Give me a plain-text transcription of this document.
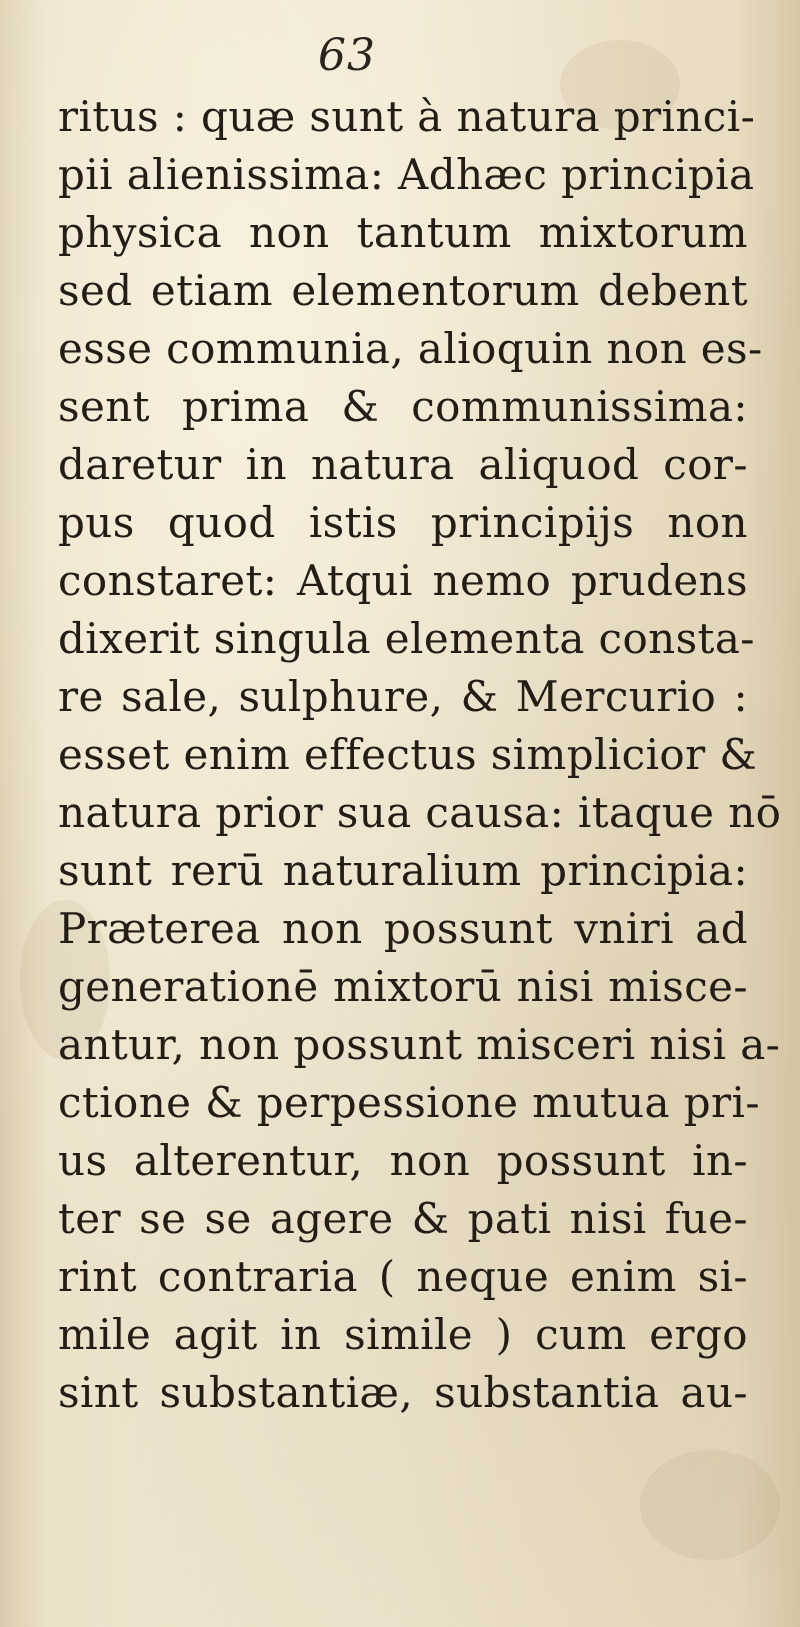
63
ritus : quæ sunt à natura princi-
pii alienissima: Adhæc principia
physica non tantum mixtorum
sed etiam elementorum debent
esse communia, alioquin non es-
sent prima & communissima:
daretur in natura aliquod cor-
pus quod istis principijs non
constaret: Atqui nemo prudens
dixerit singula elementa consta-
re sale, sulphure, & Mercurio :
esset enim effectus simplicior &
natura prior sua causa: itaque nō
sunt rerū naturalium principia:
Præterea non possunt vniri ad
generationē mixtorū nisi misce-
antur, non possunt misceri nisi a-
ctione & perpessione mutua pri-
us alterentur, non possunt in-
ter se se agere & pati nisi fue-
rint contraria ( neque enim si-
mile agit in simile ) cum ergo
sint substantiæ, substantia au-
